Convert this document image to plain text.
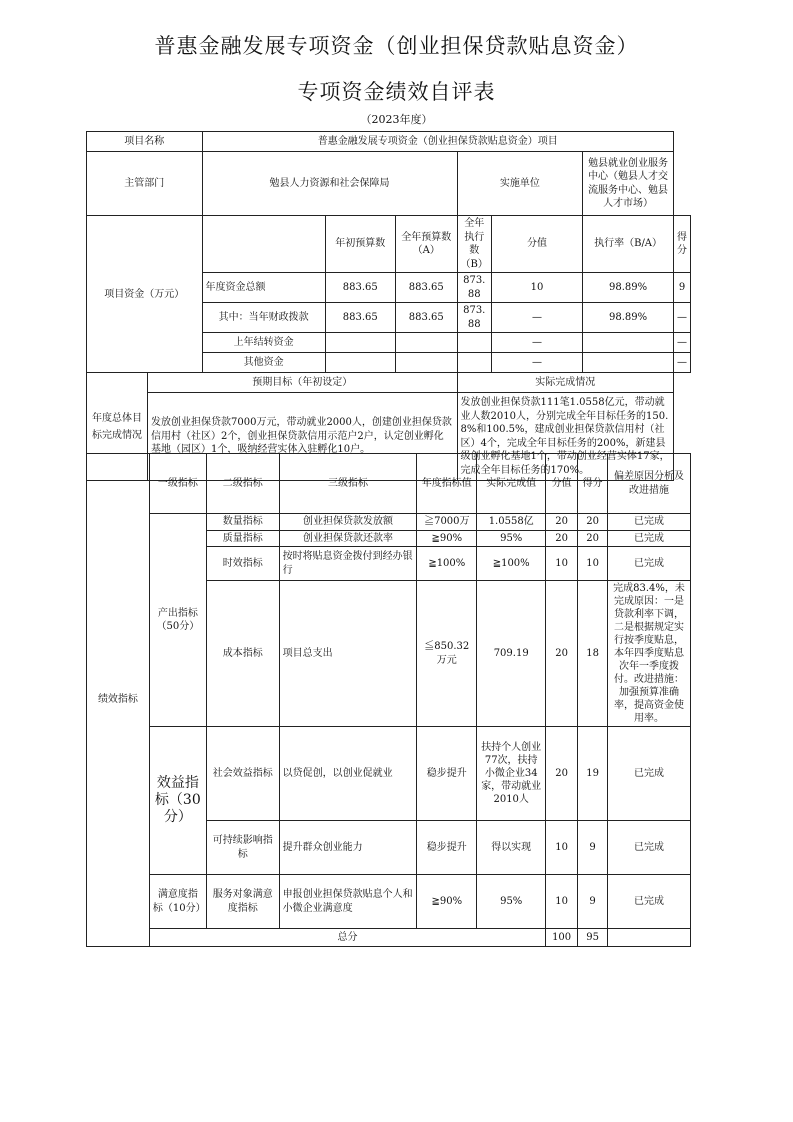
普惠金融发展专项资金（创业担保贷款贴息资金）
专项资金绩效自评表
（2023年度）
项目名称		普惠金融发展专项资金（创业担保贷款贴息资金）项目						
主管部门		勉县人力资源和社会保障局			实施单位		勉县就业创业服务中心（勉县人才交流服务中心、勉县人才市场）	
项目资金（万元）			年初预算数	全年预算数（A）	全年执行数（B）	分值	执行率（B/A）	得分
		年度资金总额	883.65	883.65	873.88	10	98.89%	9
		其中：当年财政拨款	883.65	883.65	873.88	—	98.89%	—
		上年结转资金				—		—
		其他资金				—		—
年度总体目标完成情况	预期目标（年初设定）				实际完成情况			
	发放创业担保贷款7000万元，带动就业2000人，创建创业担保贷款信用村（社区）2个，创业担保贷款信用示范户2户，认定创业孵化基地（园区）1个，吸纳经营实体入驻孵化10户。				发放创业担保贷款111笔1.0558亿元，带动就业人数2010人，分别完成全年目标任务的150.8%和100.5%，建成创业担保贷款信用村（社区）4个，完成全年目标任务的200%，新建县级创业孵化基地1个，带动创业经营实体17家，完成全年目标任务的170%。			
绩效指标	一级指标	二级指标	三级指标	年度指标值	实际完成值	分值	得分	偏差原因分析及改进措施
	产出指标（50分）	数量指标	创业担保贷款发放额	≧7000万	1.0558亿	20	20	已完成
		质量指标	创业担保贷款还款率	≧90%	95%	20	20	已完成
		时效指标	按时将贴息资金拨付到经办银行	≧100%	≧100%	10	10	已完成
		成本指标	项目总支出	≦850.32万元	709.19	20	18	完成83.4%，未完成原因：一是贷款利率下调，二是根据规定实行按季度贴息，本年四季度贴息次年一季度拨付。改进措施：加强预算准确率，提高资金使用率。
	效益指标（30分）	社会效益指标	以贷促创，以创业促就业	稳步提升	扶持个人创业77次，扶持小微企业34家，带动就业2010人	20	19	已完成
		可持续影响指标	提升群众创业能力	稳步提升	得以实现	10	9	已完成
	满意度指标（10分）	服务对象满意度指标	申报创业担保贷款贴息个人和小微企业满意度	≧90%	95%	10	9	已完成
	总分					100	95	
